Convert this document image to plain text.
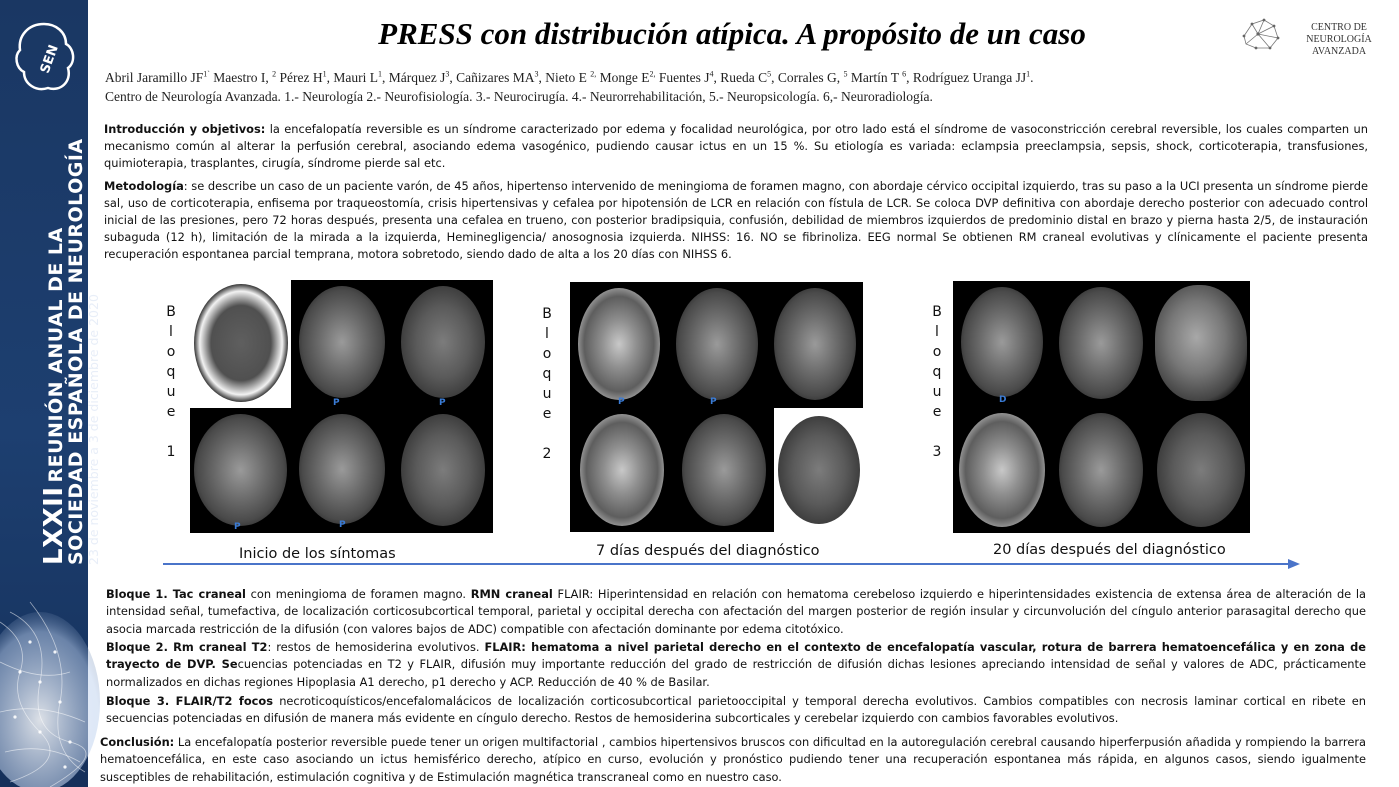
SEN
LXXIIREUNIÓN ANUAL DE LA
SOCIEDAD ESPAÑOLA DE NEUROLOGÍA 23 de noviembre a 3 de diciembre de 2020
PRESS con distribución atípica. A propósito de un caso	CENTRO DE
NEUROLOGÍA AVANZADA
Abril Jaramillo $JF^{1`}$ Maestro I, $^2$ Pérez $H^1$, Mauri $L^1$, Márquez $J^3$, Cañizares $MA^3$, Nieto E $^{2,}$ Monge $E^{2,}$ Fuentes $J^4$, Rueda $C^5$, Corrales G, $^5$ Martín T $^6$, Rodríguez Uranga $JJ^1$.
Centro de Neurología Avanzada. 1.- Neurología 2.- Neurofisiología. 3.- Neurocirugía. 4.- Neurorrehabilitación, 5.- Neuropsicología. 6,- Neuroradiología.
Introducción y objetivos: la encefalopatía reversible es un síndrome caracterizado por edema y focalidad neurológica, por otro lado está el síndrome de vasoconstricción cerebral reversible, los cuales comparten un mecanismo común al alterar la perfusión cerebral, asociando edema vasogénico, pudiendo causar ictus en un 15 %. Su etiología es variada: eclampsia preeclampsia, sepsis, shock, corticoterapia, transfusiones, quimioterapia, trasplantes, cirugía, síndrome pierde sal etc.
Metodología: se describe un caso de un paciente varón, de 45 años, hipertenso intervenido de meningioma de foramen magno, con abordaje cérvico occipital izquierdo, tras su paso a la UCI presenta un síndrome pierde sal, uso de corticoterapia, enfisema por traqueostomía, crisis hipertensivas y cefalea por hipotensión de LCR en relación con fístula de LCR. Se coloca DVP definitiva con abordaje derecho posterior con adecuado control inicial de las presiones, pero 72 horas después, presenta una cefalea en trueno, con posterior bradipsiquia, confusión, debilidad de miembros izquierdos de predominio distal en brazo y pierna hasta 2/5, de instauración subaguda (12 h), limitación de la mirada a la izquierda, Heminegligencia/ anosognosia izquierda. NIHSS: 16. NO se fibrinoliza. EEG normal Se obtienen RM craneal evolutivas y clínicamente el paciente presenta recuperación espontanea parcial temprana, motora sobretodo, siendo dado de alta a los 20 días con NIHSS 6.
B
l
o
q
u
e
1
B
l
o
q
u
e
2
B
l
o
q
u
e
3
P	P
P	P
P	P	D
Inicio de los síntomas	7 días después del diagnóstico	20 días después del diagnóstico
Bloque 1. Tac craneal con meningioma de foramen magno. RMN craneal FLAIR: Hiperintensidad en relación con hematoma cerebeloso izquierdo e hiperintensidades existencia de extensa área de alteración de la intensidad señal, tumefactiva, de localización corticosubcortical temporal, parietal y occipital derecha con afectación del margen posterior de región insular y circunvolución del cíngulo anterior parasagital derecho que asocia marcada restricción de la difusión (con valores bajos de ADC) compatible con afectación dominante por edema citotóxico.
Bloque 2. Rm craneal T2: restos de hemosiderina evolutivos. FLAIR: hematoma a nivel parietal derecho en el contexto de encefalopatía vascular, rotura de barrera hematoencefálica y en zona de trayecto de DVP. Secuencias potenciadas en T2 y FLAIR, difusión muy importante reducción del grado de restricción de difusión dichas lesiones apreciando intensidad de señal y valores de ADC, prácticamente normalizados en dichas regiones Hipoplasia A1 derecho, p1 derecho y ACP. Reducción de 40 % de Basilar.
Bloque 3. FLAIR/T2 focos necroticoquísticos/encefalomalácicos de localización corticosubcortical parietooccipital y temporal derecha evolutivos. Cambios compatibles con necrosis laminar cortical en ribete en secuencias potenciadas en difusión de manera más evidente en cíngulo derecho. Restos de hemosiderina subcorticales y cerebelar izquierdo con cambios favorables evolutivos.
Conclusión: La encefalopatía posterior reversible puede tener un origen multifactorial , cambios hipertensivos bruscos con dificultad en la autoregulación cerebral causando hiperferpusión añadida y rompiendo la barrera hematoencefálica, en este caso asociando un ictus hemisférico derecho, atípico en curso, evolución y pronóstico pudiendo tener una recuperación espontanea más rápida, en algunos casos, siendo igualmente susceptibles de rehabilitación, estimulación cognitiva y de Estimulación magnética transcraneal como en nuestro caso.
